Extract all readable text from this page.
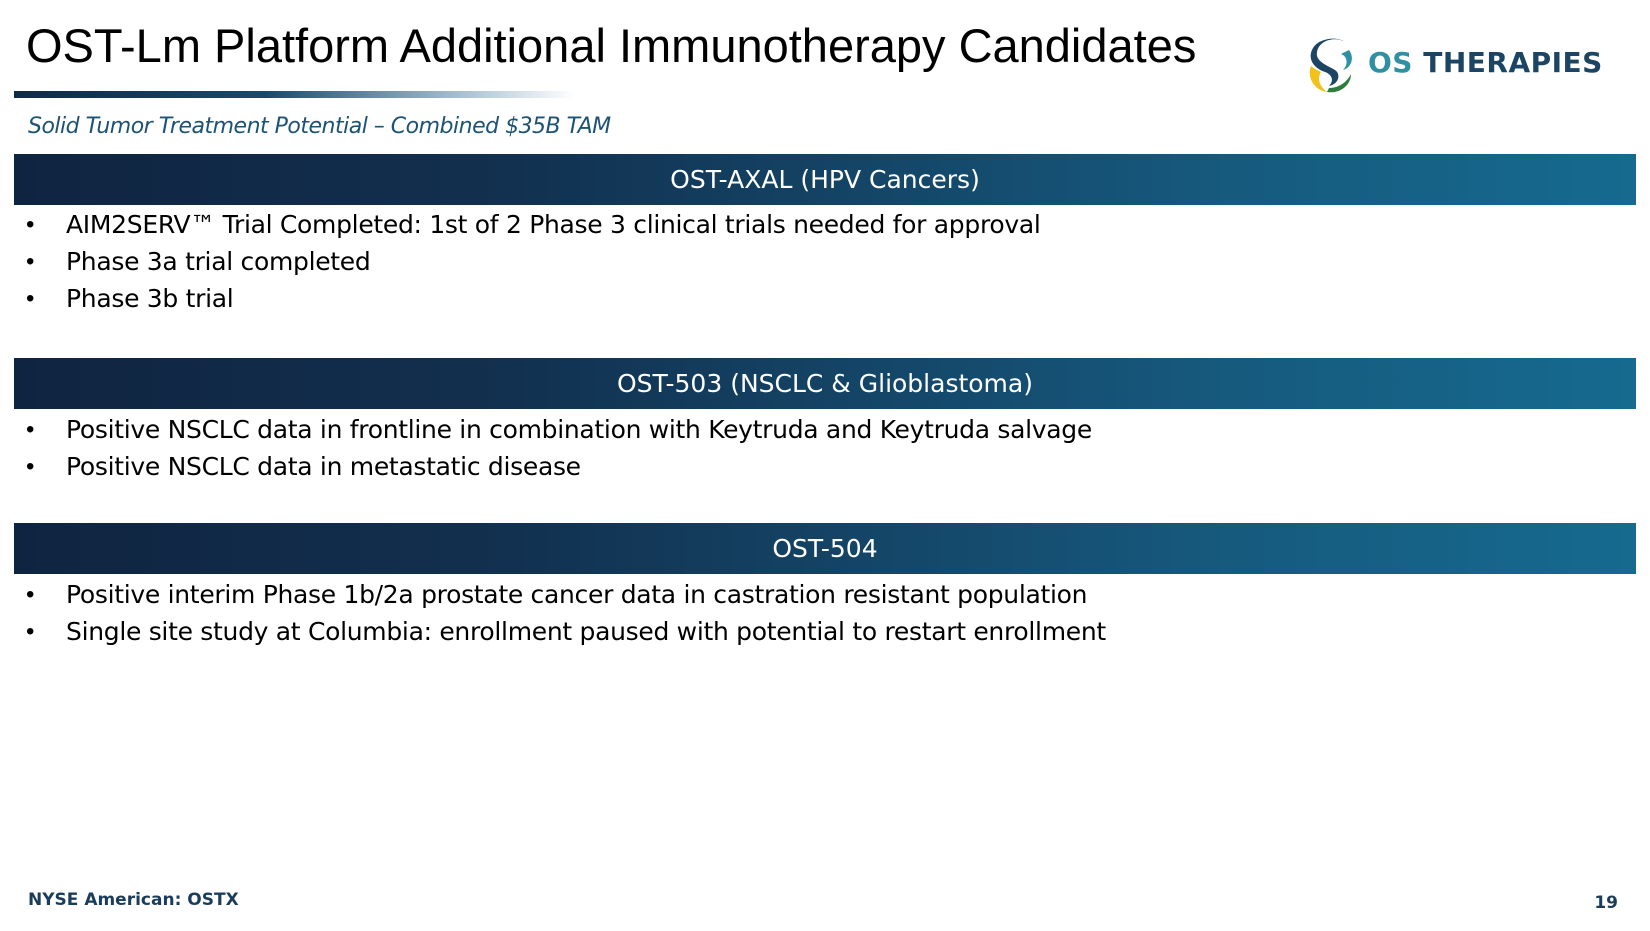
OST-Lm Platform Additional Immunotherapy Candidates	OS THERAPIES
Solid Tumor Treatment Potential – Combined $35B TAM
OST-AXAL (HPV Cancers)
• AIM2SERV™ Trial Completed: 1st of 2 Phase 3 clinical trials needed for approval
• Phase 3a trial completed
• Phase 3b trial
OST-503 (NSCLC & Glioblastoma)
• Positive NSCLC data in frontline in combination with Keytruda and Keytruda salvage
• Positive NSCLC data in metastatic disease
OST-504
• Positive interim Phase 1b/2a prostate cancer data in castration resistant population
• Single site study at Columbia: enrollment paused with potential to restart enrollment
NYSE American: OSTX	19
